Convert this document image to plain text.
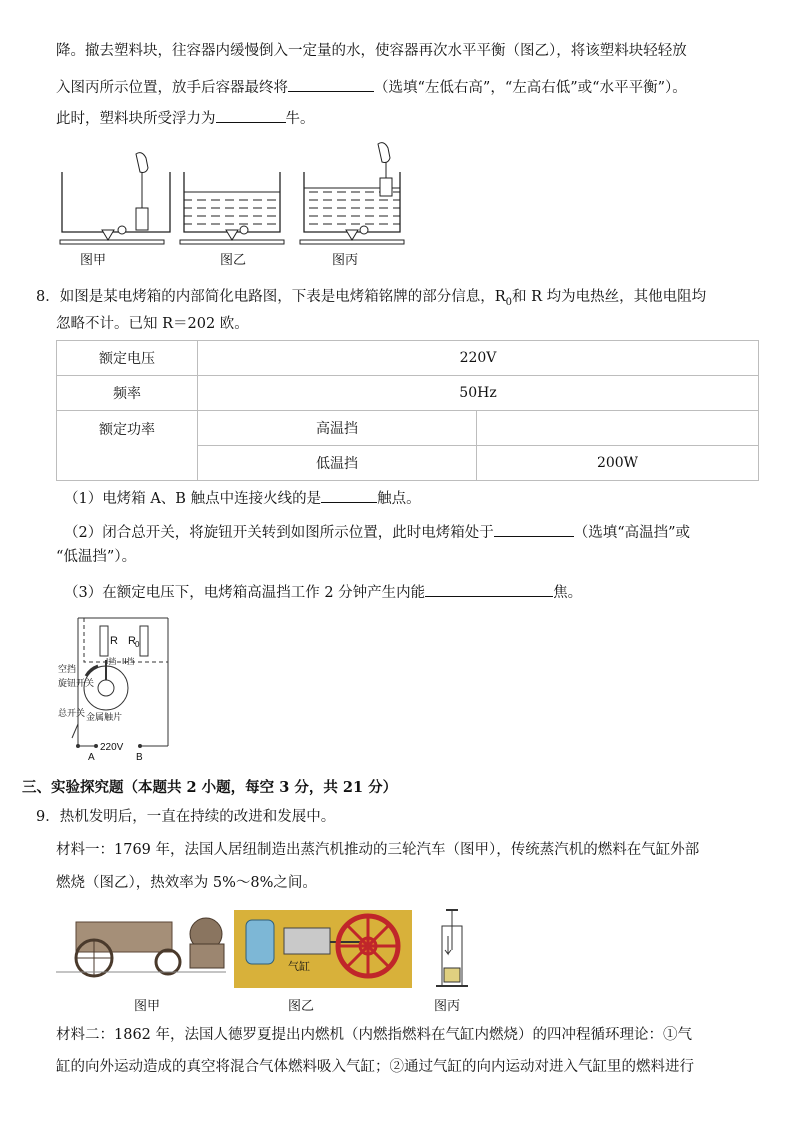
降。撤去塑料块，往容器内缓慢倒入一定量的水，使容器再次水平平衡（图乙），将该塑料块轻轻放
入图丙所示位置，放手后容器最终将	（选填“左低右高”，“左高右低”或“水平平衡”）。
此时，塑料块所受浮力为	牛。
图甲	图乙	图丙
8．如图是某电烤箱的内部简化电路图，下表是电烤箱铭牌的部分信息，$R_0$和 R 均为电热丝，其他电阻均
忽略不计。已知 R＝202 欧。
额定电压	220V	
频率	50Hz	
额定功率	高温挡	
	低温挡	200W
（1）电烤箱 A、B 触点中连接火线的是	触点。
（2）闭合总开关，将旋钮开关转到如图所示位置，此时电烤箱处于	（选填“高温挡”或
“低温挡”）。
（3）在额定电压下，电烤箱高温挡工作 2 分钟产生内能	焦。
R R 0
I挡 II挡
空挡
旋钮开关
总开关 金属触片
220V
A	B
三、实验探究题（本题共 2 小题，每空 3 分，共 21 分）
9．热机发明后，一直在持续的改进和发展中。
材料一：1769 年，法国人居纽制造出蒸汽机推动的三轮汽车（图甲），传统蒸汽机的燃料在气缸外部
燃烧（图乙），热效率为 5%～8%之间。
图甲
气缸
图乙	图丙
材料二：1862 年，法国人德罗夏提出内燃机（内燃指燃料在气缸内燃烧）的四冲程循环理论：①气
缸的向外运动造成的真空将混合气体燃料吸入气缸；②通过气缸的向内运动对进入气缸里的燃料进行
